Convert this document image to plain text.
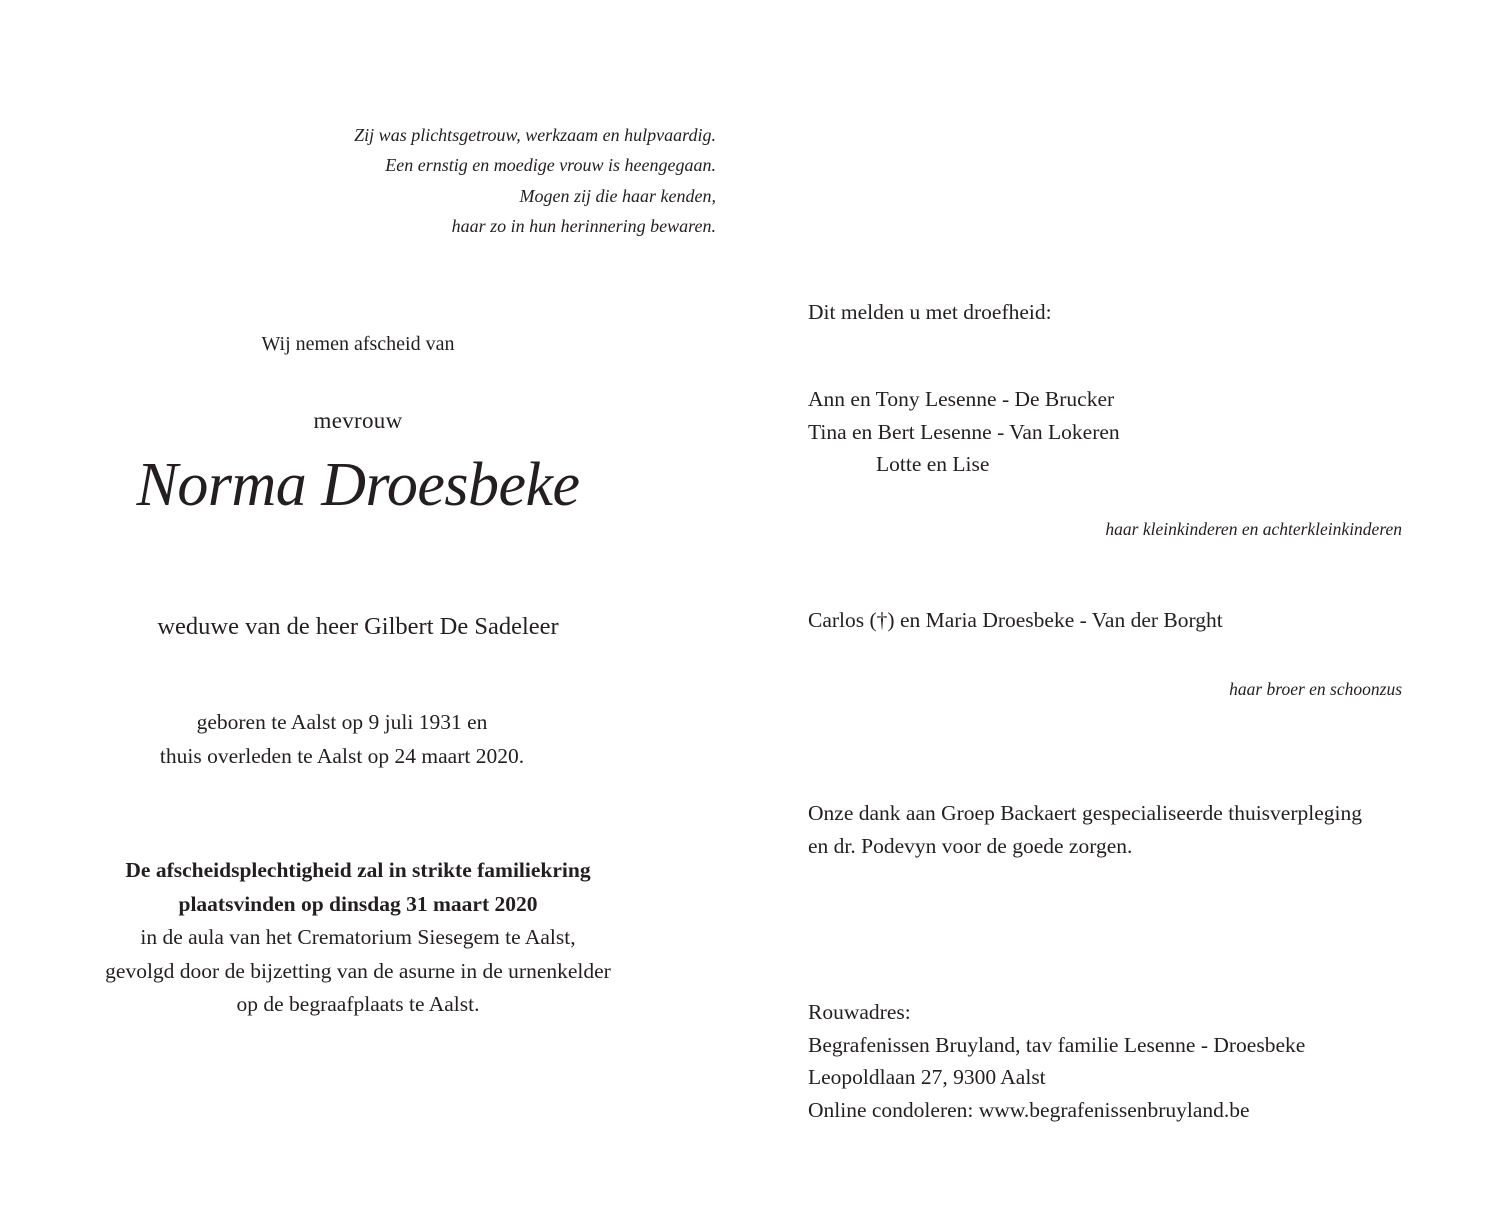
Zij was plichtsgetrouw, werkzaam en hulpvaardig.
Een ernstig en moedige vrouw is heengegaan.
Mogen zij die haar kenden,
haar zo in hun herinnering bewaren.
Wij nemen afscheid van
mevrouw
Norma Droesbeke
weduwe van de heer Gilbert De Sadeleer
geboren te Aalst op 9 juli 1931 en
thuis overleden te Aalst op 24 maart 2020.
De afscheidsplechtigheid zal in strikte familiekring
plaatsvinden op dinsdag 31 maart 2020
in de aula van het Crematorium Siesegem te Aalst,
gevolgd door de bijzetting van de asurne in de urnenkelder
op de begraafplaats te Aalst.
Dit melden u met droefheid:
Ann en Tony Lesenne - De Brucker
Tina en Bert Lesenne - Van Lokeren
Lotte en Lise
haar kleinkinderen en achterkleinkinderen
Carlos (†) en Maria Droesbeke - Van der Borght
haar broer en schoonzus
Onze dank aan Groep Backaert gespecialiseerde thuisverpleging
en dr. Podevyn voor de goede zorgen.
Rouwadres:
Begrafenissen Bruyland, tav familie Lesenne - Droesbeke
Leopoldlaan 27, 9300 Aalst
Online condoleren: www.begrafenissenbruyland.be
